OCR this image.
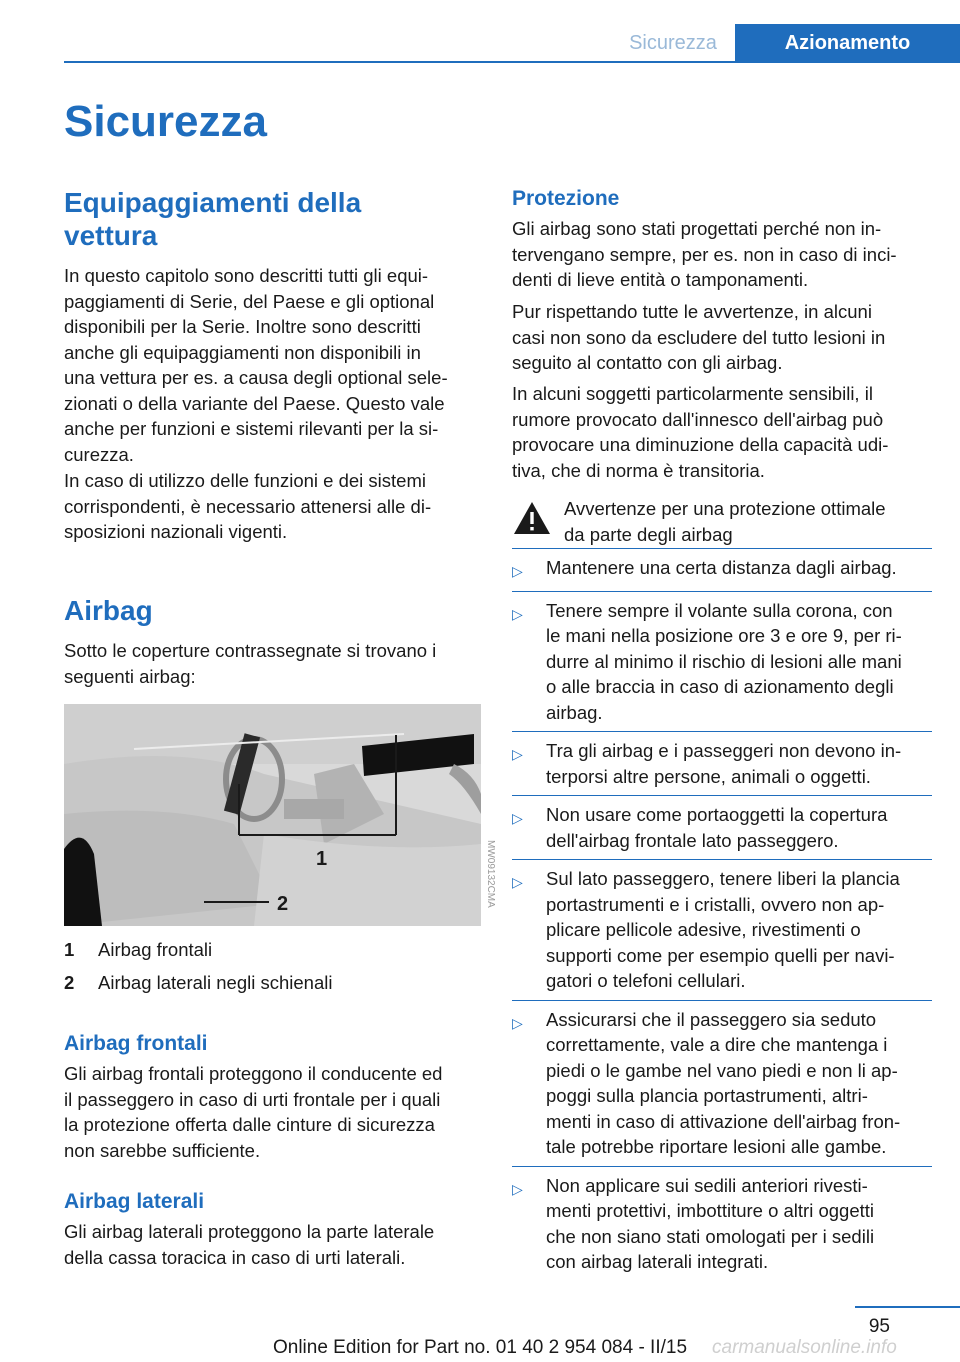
Sicurezza	Azionamento
Sicurezza
Equipaggiamenti della vettura
In questo capitolo sono descritti tutti gli equi-
paggiamenti di Serie, del Paese e gli optional
disponibili per la Serie. Inoltre sono descritti
anche gli equipaggiamenti non disponibili in
una vettura per es. a causa degli optional sele-
zionati o della variante del Paese. Questo vale
anche per funzioni e sistemi rilevanti per la si-
curezza.
In caso di utilizzo delle funzioni e dei sistemi
corrispondenti, è necessario attenersi alle di-
sposizioni nazionali vigenti.
Airbag
Sotto le coperture contrassegnate si trovano i
seguenti airbag:
1
2	MW09132CMA
1	Airbag frontali
2	Airbag laterali negli schienali
Airbag frontali
Gli airbag frontali proteggono il conducente ed
il passeggero in caso di urti frontale per i quali
la protezione offerta dalle cinture di sicurezza
non sarebbe sufficiente.
Airbag laterali
Gli airbag laterali proteggono la parte laterale
della cassa toracica in caso di urti laterali.
Protezione
Gli airbag sono stati progettati perché non in-
tervengano sempre, per es. non in caso di inci-
denti di lieve entità o tamponamenti.
Pur rispettando tutte le avvertenze, in alcuni
casi non sono da escludere del tutto lesioni in
seguito al contatto con gli airbag.
In alcuni soggetti particolarmente sensibili, il
rumore provocato dall'innesco dell'airbag può
provocare una diminuzione della capacità udi-
tiva, che di norma è transitoria.
Avvertenze per una protezione ottimale
da parte degli airbag
▷	Mantenere una certa distanza dagli airbag.
▷	Tenere sempre il volante sulla corona, con
le mani nella posizione ore 3 e ore 9, per ri-
durre al minimo il rischio di lesioni alle mani
o alle braccia in caso di azionamento degli
airbag.
▷	Tra gli airbag e i passeggeri non devono in-
terporsi altre persone, animali o oggetti.
▷	Non usare come portaoggetti la copertura
dell'airbag frontale lato passeggero.
▷	Sul lato passeggero, tenere liberi la plancia
portastrumenti e i cristalli, ovvero non ap-
plicare pellicole adesive, rivestimenti o
supporti come per esempio quelli per navi-
gatori o telefoni cellulari.
▷	Assicurarsi che il passeggero sia seduto
correttamente, vale a dire che mantenga i
piedi o le gambe nel vano piedi e non li ap-
poggi sulla plancia portastrumenti, altri-
menti in caso di attivazione dell'airbag fron-
tale potrebbe riportare lesioni alle gambe.
▷	Non applicare sui sedili anteriori rivesti-
menti protettivi, imbottiture o altri oggetti
che non siano stati omologati per i sedili
con airbag laterali integrati.
95
Online Edition for Part no. 01 40 2 954 084 - II/15	carmanualsonline.info
